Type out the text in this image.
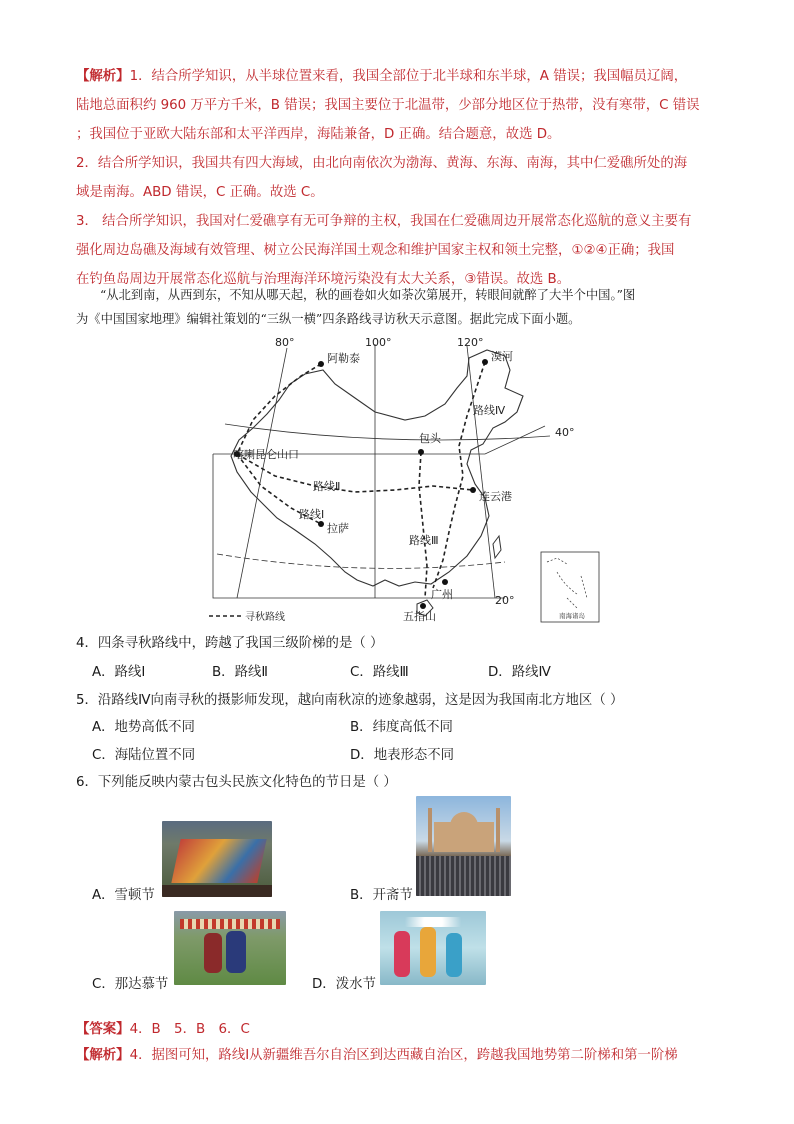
【解析】1．结合所学知识，从半球位置来看，我国全部位于北半球和东半球，A 错误；我国幅员辽阔，
陆地总面积约 960 万平方千米，B 错误；我国主要位于北温带，少部分地区位于热带，没有寒带，C 错误
；我国位于亚欧大陆东部和太平洋西岸，海陆兼备，D 正确。结合题意，故选 D。
2．结合所学知识，我国共有四大海域，由北向南依次为渤海、黄海、东海、南海，其中仁爱礁所处的海
域是南海。ABD 错误，C 正确。故选 C。
3． 结合所学知识，我国对仁爱礁享有无可争辩的主权，我国在仁爱礁周边开展常态化巡航的意义主要有
强化周边岛礁及海域有效管理、树立公民海洋国土观念和维护国家主权和领土完整，①②④正确；我国
在钓鱼岛周边开展常态化巡航与治理海洋环境污染没有太大关系，③错误。故选 B。
“从北到南，从西到东，不知从哪天起，秋的画卷如火如荼次第展开，转眼间就醉了大半个中国。”图
为《中国国家地理》编辑社策划的“三纵一横”四条路线寻访秋天示意图。据此完成下面小题。
80°	100°	120°
40°
20°
漠河
阿勒泰
包头
喀喇昆仑山口
连云港
拉萨
广州
五指山
路线Ⅰ
路线Ⅱ
路线Ⅲ
路线Ⅳ
寻秋路线	南海诸岛
4．四条寻秋路线中，跨越了我国三级阶梯的是（ ）
A．路线Ⅰ	B．路线Ⅱ	C．路线Ⅲ	D．路线Ⅳ
5．沿路线Ⅳ向南寻秋的摄影师发现，越向南秋凉的迹象越弱，这是因为我国南北方地区（ ）
A．地势高低不同	B．纬度高低不同
C．海陆位置不同	D．地表形态不同
6．下列能反映内蒙古包头民族文化特色的节日是（ ）
A．雪顿节	B．开斋节
C．那达慕节	D．泼水节
【答案】4．B　5．B　6．C
【解析】4．据图可知，路线Ⅰ从新疆维吾尔自治区到达西藏自治区，跨越我国地势第二阶梯和第一阶梯
